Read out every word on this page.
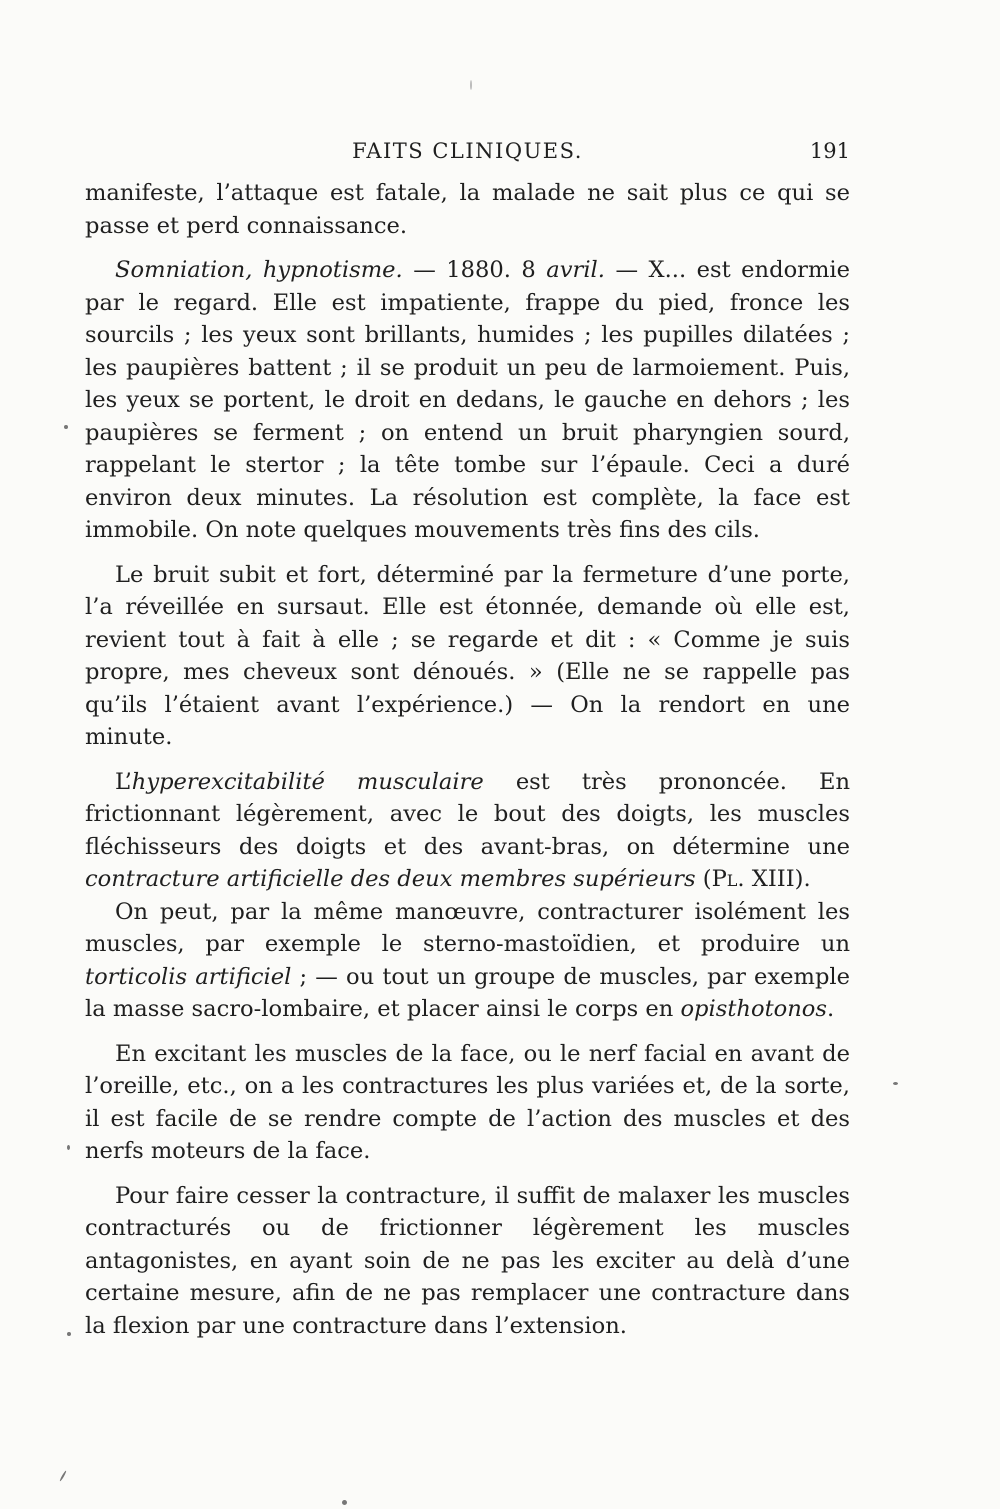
FAITS CLINIQUES.	191

manifeste, l’attaque est fatale, la malade ne sait plus ce qui se passe et perd connaissance.

Somniation, hypnotisme. — 1880. 8 avril. — X... est endormie par le regard. Elle est impatiente, frappe du pied, fronce les sourcils ; les yeux sont brillants, humides ; les pupilles dilatées ; les paupières battent ; il se produit un peu de larmoiement. Puis, les yeux se portent, le droit en dedans, le gauche en dehors ; les paupières se ferment ; on entend un bruit pharyngien sourd, rappelant le stertor ; la tête tombe sur l’épaule. Ceci a duré environ deux minutes. La résolution est complète, la face est immobile. On note quelques mouvements très fins des cils.

Le bruit subit et fort, déterminé par la fermeture d’une porte, l’a réveillée en sursaut. Elle est étonnée, demande où elle est, revient tout à fait à elle ; se regarde et dit : « Comme je suis propre, mes cheveux sont dénoués. » (Elle ne se rappelle pas qu’ils l’étaient avant l’expérience.) — On la rendort en une minute.

L’hyperexcitabilité musculaire est très prononcée. En frictionnant légèrement, avec le bout des doigts, les muscles fléchisseurs des doigts et des avant-bras, on détermine une contracture artificielle des deux membres supérieurs (Pl. XIII).

On peut, par la même manœuvre, contracturer isolément les muscles, par exemple le sterno-mastoïdien, et produire un torticolis artificiel ; — ou tout un groupe de muscles, par exemple la masse sacro-lombaire, et placer ainsi le corps en opisthotonos.

En excitant les muscles de la face, ou le nerf facial en avant de l’oreille, etc., on a les contractures les plus variées et, de la sorte, il est facile de se rendre compte de l’action des muscles et des nerfs moteurs de la face.

Pour faire cesser la contracture, il suffit de malaxer les muscles contracturés ou de frictionner légèrement les muscles antagonistes, en ayant soin de ne pas les exciter au delà d’une certaine mesure, afin de ne pas remplacer une contracture dans la flexion par une contracture dans l’extension.
